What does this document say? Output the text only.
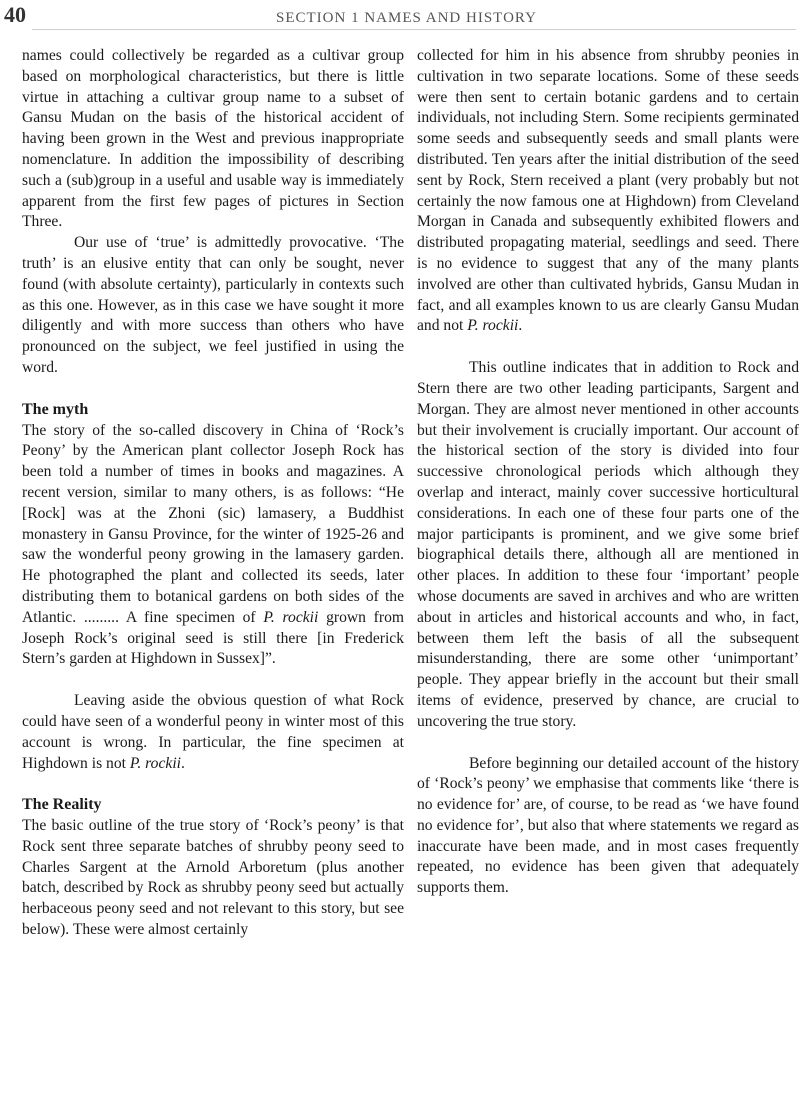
40	SECTION 1 NAMES AND HISTORY

names could collectively be regarded as a cultivar group based on morphological characteristics, but there is little virtue in attaching a cultivar group name to a subset of Gansu Mudan on the basis of the historical accident of having been grown in the West and previous inappropriate nomenclature. In addition the impossibility of describing such a (sub)group in a useful and usable way is immediately apparent from the first few pages of pictures in Section Three.

Our use of ‘true’ is admittedly provocative. ‘The truth’ is an elusive entity that can only be sought, never found (with absolute certainty), particularly in contexts such as this one. However, as in this case we have sought it more diligently and with more success than others who have pronounced on the subject, we feel justified in using the word.

The myth

The story of the so-called discovery in China of ‘Rock’s Peony’ by the American plant collector Joseph Rock has been told a number of times in books and magazines. A recent version, similar to many others, is as follows: “He [Rock] was at the Zhoni (sic) lamasery, a Buddhist monastery in Gansu Province, for the winter of 1925-26 and saw the wonderful peony growing in the lamasery garden. He photographed the plant and collected its seeds, later distributing them to botanical gardens on both sides of the Atlantic. ......... A fine specimen of P. rockii grown from Joseph Rock’s original seed is still there [in Frederick Stern’s garden at Highdown in Sussex]”.

Leaving aside the obvious question of what Rock could have seen of a wonderful peony in winter most of this account is wrong. In particular, the fine specimen at Highdown is not P. rockii.

The Reality

The basic outline of the true story of ‘Rock’s peony’ is that Rock sent three separate batches of shrubby peony seed to Charles Sargent at the Arnold Arboretum (plus another batch, described by Rock as shrubby peony seed but actually herbaceous peony seed and not relevant to this story, but see below). These were almost certainly

collected for him in his absence from shrubby peonies in cultivation in two separate locations. Some of these seeds were then sent to certain botanic gardens and to certain individuals, not including Stern. Some recipients germinated some seeds and subsequently seeds and small plants were distributed. Ten years after the initial distribution of the seed sent by Rock, Stern received a plant (very probably but not certainly the now famous one at Highdown) from Cleveland Morgan in Canada and subsequently exhibited flowers and distributed propagating material, seedlings and seed. There is no evidence to suggest that any of the many plants involved are other than cultivated hybrids, Gansu Mudan in fact, and all examples known to us are clearly Gansu Mudan and not P. rockii.

This outline indicates that in addition to Rock and Stern there are two other leading participants, Sargent and Morgan. They are almost never mentioned in other accounts but their involvement is crucially important. Our account of the historical section of the story is divided into four successive chronological periods which although they overlap and interact, mainly cover successive horticultural considerations. In each one of these four parts one of the major participants is prominent, and we give some brief biographical details there, although all are mentioned in other places. In addition to these four ‘important’ people whose documents are saved in archives and who are written about in articles and historical accounts and who, in fact, between them left the basis of all the subsequent misunderstanding, there are some other ‘unimportant’ people. They appear briefly in the account but their small items of evidence, preserved by chance, are crucial to uncovering the true story.

Before beginning our detailed account of the history of ‘Rock’s peony’ we emphasise that comments like ‘there is no evidence for’ are, of course, to be read as ‘we have found no evidence for’, but also that where statements we regard as inaccurate have been made, and in most cases frequently repeated, no evidence has been given that adequately supports them.
